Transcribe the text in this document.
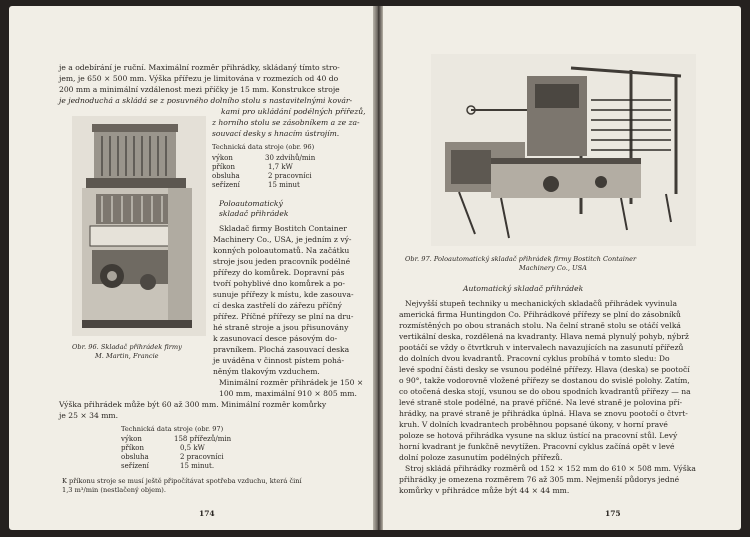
je a odebírání je ruční. Maximální rozměr přihrádky, skládaný tímto stro-
jem, je 650 × 500 mm. Výška přířezu je limitována v rozmezích od 40 do
200 mm a minimální vzdálenost mezi příčky je 15 mm. Konstrukce stroje
je jednoduchá a skládá se z posuvného dolního stolu s nastavitelnými kovár-
kami pro ukládání podélných přířezů,
z horního stolu se zásobníkem a ze za-
souvací desky s hnacím ústrojím.
Obr. 96. Skladač přihrádek firmy
M. Martin, Francie
Technická data stroje (obr. 96)
výkon	30 zdvihů/min
příkon	1,7 kW
obsluha	2 pracovníci
seřízení	15 minut
Poloautomatický
skladač přihrádek
Skladač firmy Bostitch Container
Machinery Co., USA, je jedním z vý-
konných poloautomatů. Na začátku
stroje jsou jeden pracovník podélné
přířezy do komůrek. Dopravní pás
tvoří pohyblivé dno komůrek a po-
sunuje přířezy k místu, kde zasouva-
cí deska zastřelí do zářezu příčný
přířez. Příčné přířezy se plní na dru-
hé straně stroje a jsou přisunovány
k zasunovací desce pásovým do-
pravníkem. Plochá zasouvací deska
je uváděna v činnost pístem pohá-
něným tlakovým vzduchem.
Minimální rozměr přihrádek je 150 ×
100 mm, maximální 910 × 805 mm.
Výška přihrádek může být 60 až 300 mm. Minimální rozměr komůrky
je 25 × 34 mm.
Technická data stroje (obr. 97)
výkon	158 přířezů/min
příkon	0,5 kW
obsluha	2 pracovníci
seřízení	15 minut.
K příkonu stroje se musí ještě připočítávat spotřeba vzduchu, která činí
1,3 m³/min (nestlačený objem).
174
Obr. 97. Poloautomatický skladač přihrádek firmy Bostitch Container
Machinery Co., USA
Automatický skladač přihrádek
Nejvyšší stupeň techniky u mechanických skladačů přihrádek vyvinula
americká firma Huntingdon Co. Přihrádkové přířezy se plní do zásobníků
rozmístěných po obou stranách stolu. Na čelní straně stolu se otáčí velká
vertikální deska, rozdělená na kvadranty. Hlava nemá plynulý pohyb, nýbrž
pootáčí se vždy o čtvrtkruh v intervalech navazujících na zasunutí přířezů
do dolních dvou kvadrantů. Pracovní cyklus probíhá v tomto sledu: Do
levé spodní části desky se vsunou podélné přířezy. Hlava (deska) se pootočí
o 90°, takže vodorovně vložené přířezy se dostanou do svislé polohy. Zatím,
co otočená deska stojí, vsunou se do obou spodních kvadrantů přířezy — na
levé straně stole podélné, na pravé příčné. Na levé straně je polovina pří-
hrádky, na pravé straně je přihrádka úplná. Hlava se znovu pootočí o čtvrt-
kruh. V dolních kvadrantech proběhnou popsané úkony, v horní pravé
poloze se hotová přihrádka vysune na skluz ústící na pracovní stůl. Levý
horní kvadrant je funkčně nevytížen. Pracovní cyklus začíná opět v levé
dolní poloze zasunutím podélných přířezů.
Stroj skládá přihrádky rozměrů od 152 × 152 mm do 610 × 508 mm. Výška
přihrádky je omezena rozměrem 76 až 305 mm. Nejmenší půdorys jedné
komůrky v přihrádce může být 44 × 44 mm.
175
